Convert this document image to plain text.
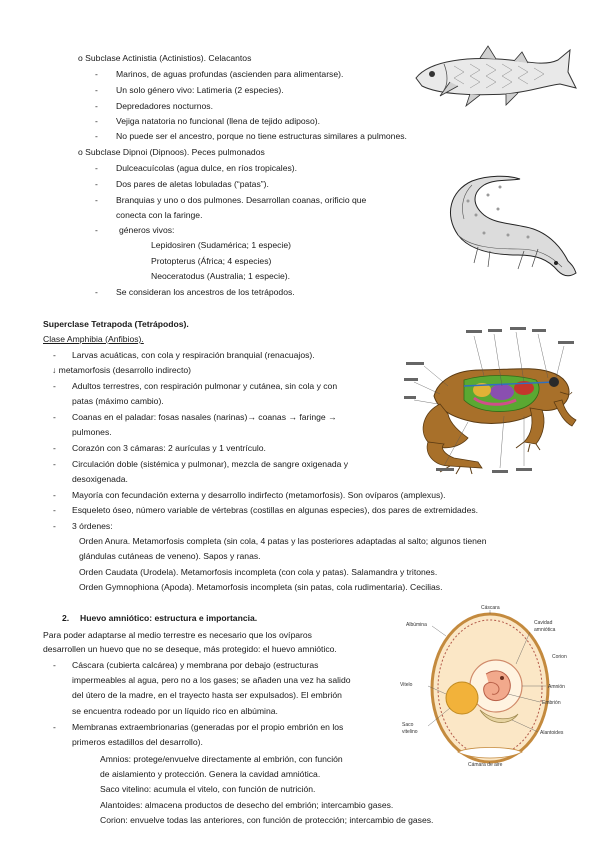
o Subclase Actinistia (Actinistios). Celacantos
- Marinos, de aguas profundas (ascienden para alimentarse).
- Un solo género vivo: Latimeria (2 especies).
- Depredadores nocturnos.
- Vejiga natatoria no funcional (llena de tejido adiposo).
- No puede ser el ancestro, porque no tiene estructuras similares a pulmones.
o Subclase Dipnoi (Dipnoos). Peces pulmonados
- Dulceacuícolas (agua dulce, en ríos tropicales).
- Dos pares de aletas lobuladas (“patas”).
- Branquias y uno o dos pulmones. Desarrollan coanas, orificio que
conecta con la faringe.
- géneros vivos:
Lepidosiren (Sudamérica; 1 especie)
Protopterus (África; 4 especies)
Neoceratodus (Australia; 1 especie).
- Se consideran los ancestros de los tetrápodos.
Superclase Tetrapoda (Tetrápodos).
Clase Amphibia (Anfibios).
- Larvas acuáticas, con cola y respiración branquial (renacuajos).
↓ metamorfosis (desarrollo indirecto)
- Adultos terrestres, con respiración pulmonar y cutánea, sin cola y con
patas (máximo cambio).
- Coanas en el paladar: fosas nasales (narinas)→ coanas → faringe →
pulmones.
- Corazón con 3 cámaras: 2 aurículas y 1 ventrículo.
- Circulación doble (sistémica y pulmonar), mezcla de sangre oxigenada y
desoxigenada.
- Mayoría con fecundación externa y desarrollo indirfecto (metamorfosis). Son ovíparos (amplexus).
- Esqueleto óseo, número variable de vértebras (costillas en algunas especies), dos pares de extremidades.
- 3 órdenes:
Orden Anura. Metamorfosis completa (sin cola, 4 patas y las posteriores adaptadas al salto; algunos tienen
glándulas cutáneas de veneno). Sapos y ranas.
Orden Caudata (Urodela). Metamorfosis incompleta (con cola y patas). Salamandra y tritones.
Orden Gymnophiona (Apoda). Metamorfosis incompleta (sin patas, cola rudimentaria). Cecilias.
2. Huevo amniótico: estructura e importancia.
Para poder adaptarse al medio terrestre es necesario que los ovíparos
desarrollen un huevo que no se deseque, más protegido: el huevo amniótico.
- Cáscara (cubierta calcárea) y membrana por debajo (estructuras
impermeables al agua, pero no a los gases; se añaden una vez ha salido
del útero de la madre, en el trayecto hasta ser expulsados). El embrión
se encuentra rodeado por un líquido rico en albúmina.
- Membranas extraembrionarias (generadas por el propio embrión en los
primeros estadillos del desarrollo).
Amnios: protege/envuelve directamente al embrión, con función
de aislamiento y protección. Genera la cavidad amniótica.
Saco vitelino: acumula el vitelo, con función de nutrición.
Alantoides: almacena productos de desecho del embrión; intercambio gases.
Corion: envuelve todas las anteriores, con función de protección; intercambio de gases.
Cáscara
Albúmina	Cavidad
amniótica
Vitelo	Amnión
Embrión
Saco
vitelino	Alantoides
Corion
Cámara de aire
